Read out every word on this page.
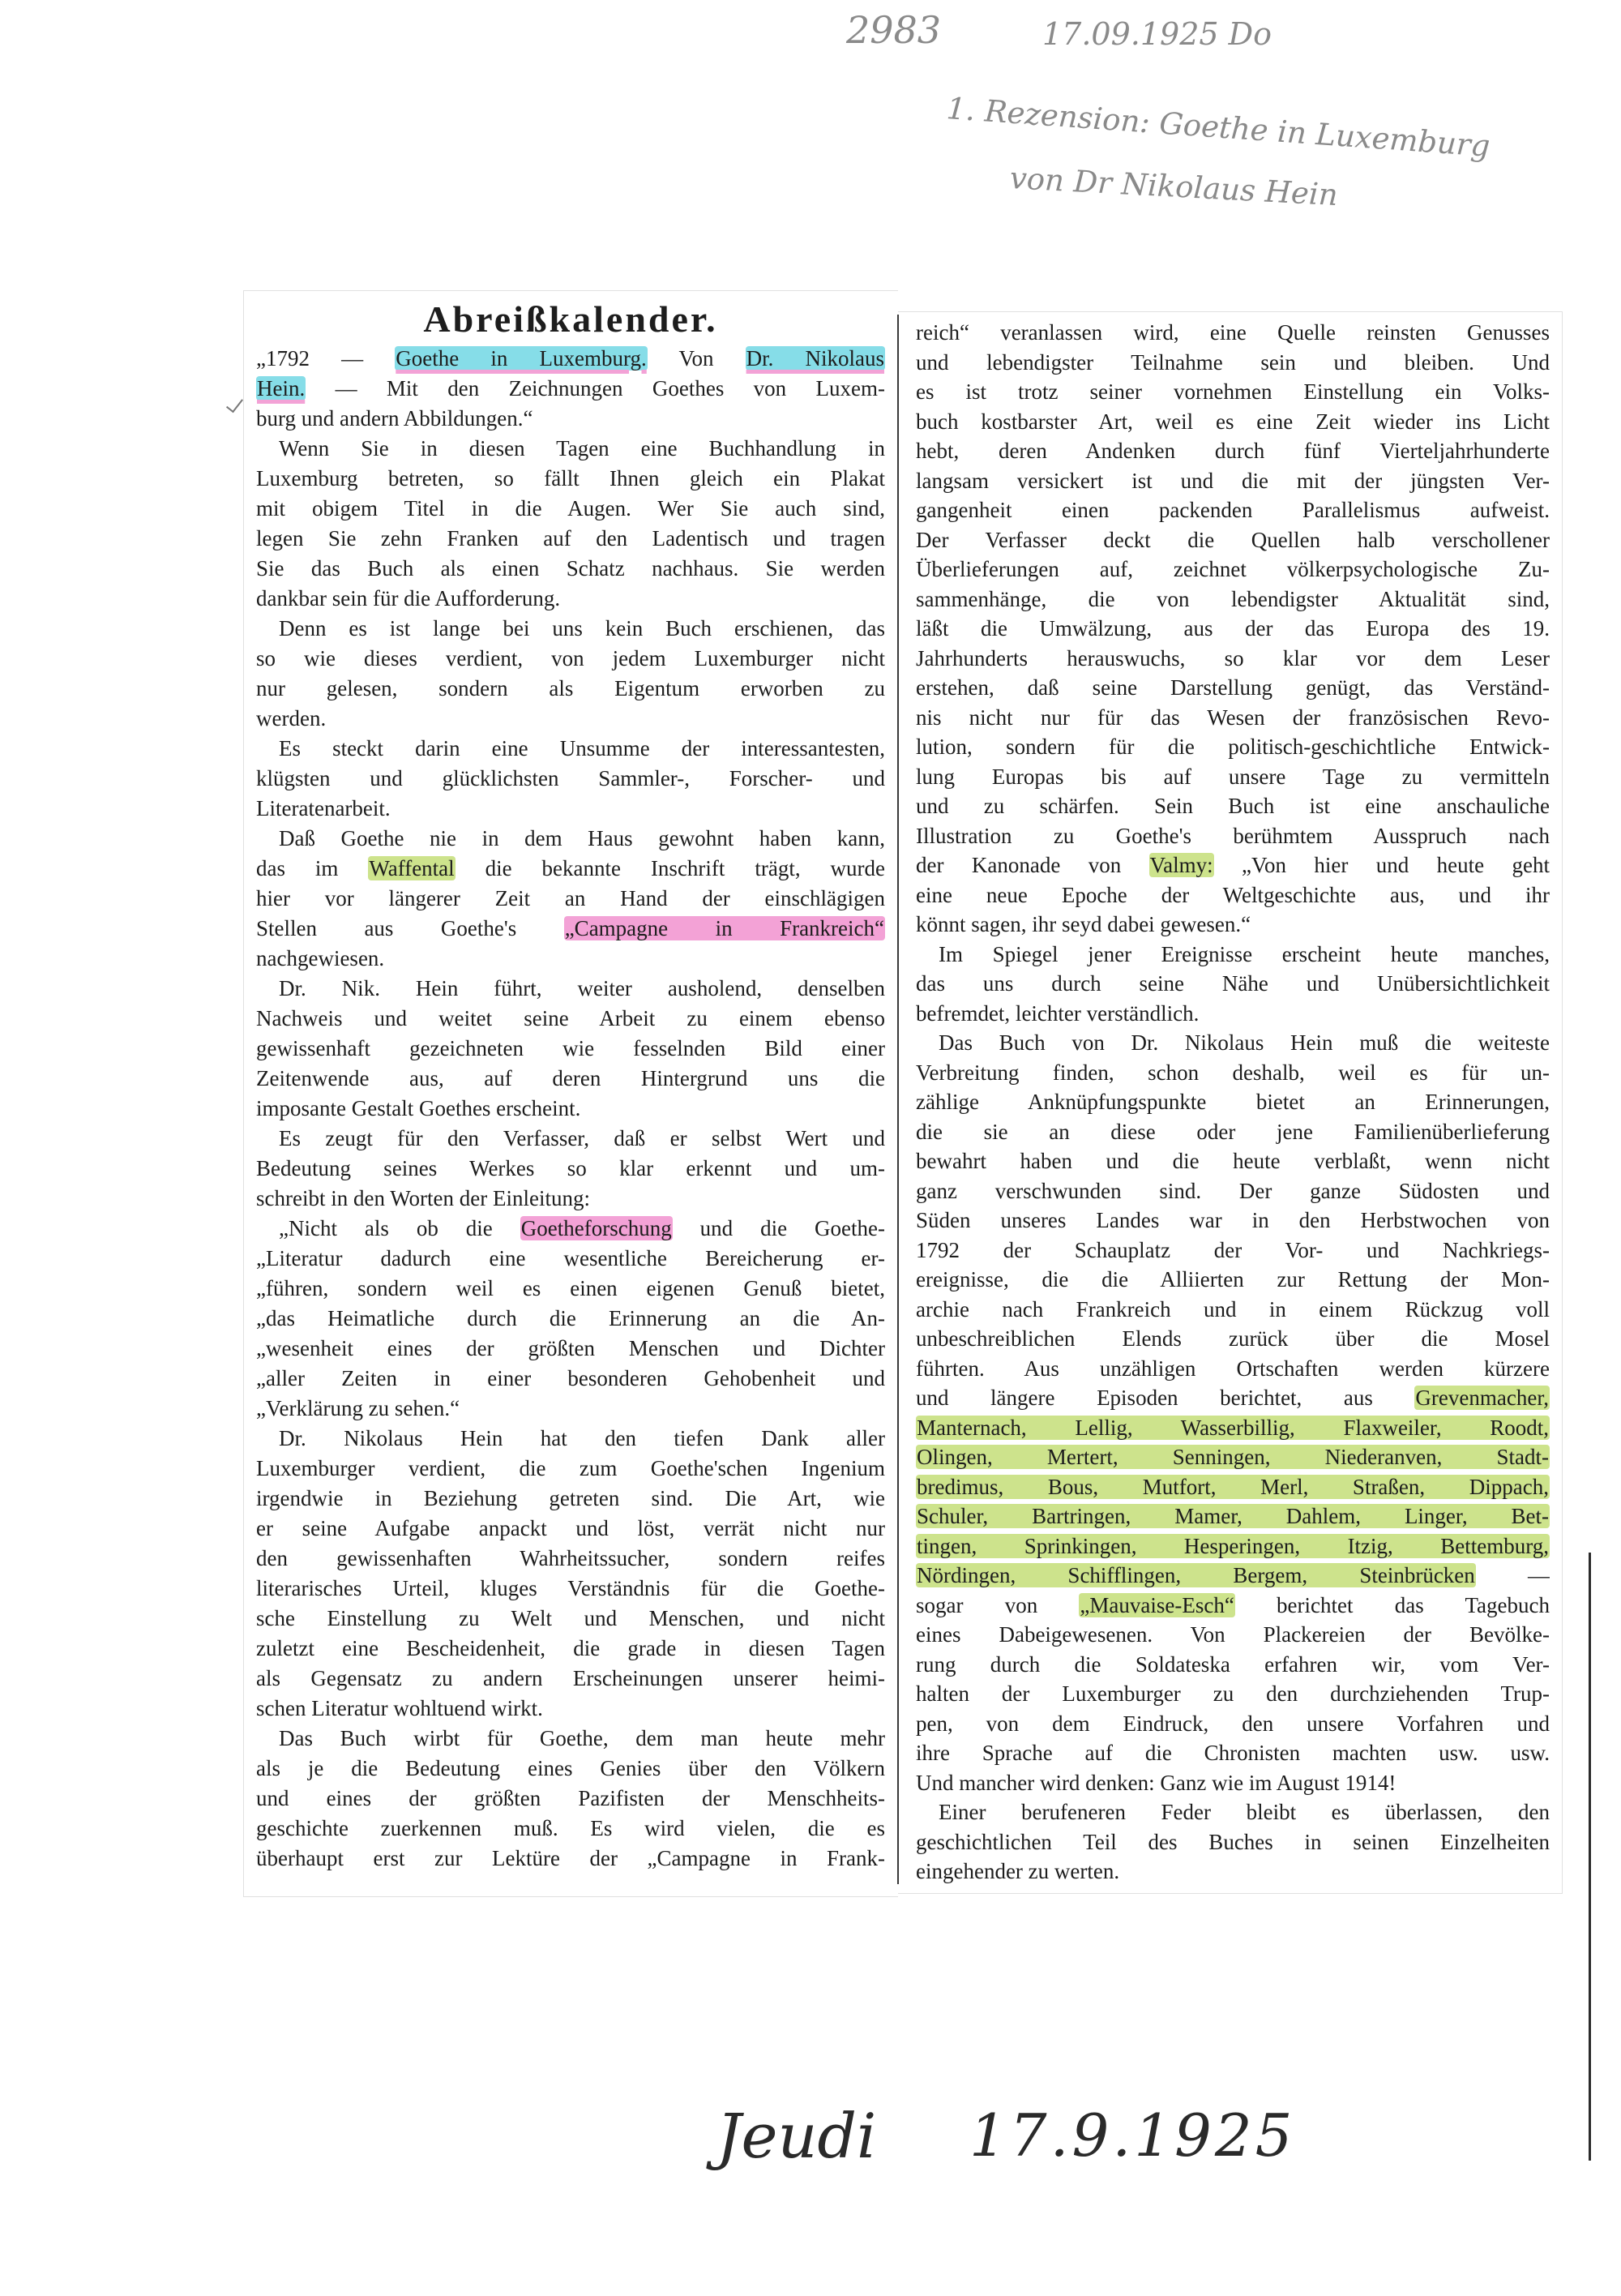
2983	17.09.1925 Do
1. Rezension: Goethe in Luxemburg
von Dr Nikolaus Hein
Abreißkalender.
„1792 — Goethe in Luxemburg. Von Dr. Nikolaus
Hein. — Mit den Zeichnungen Goethes von Luxem-
burg und andern Abbildungen.“
Wenn Sie in diesen Tagen eine Buchhandlung in
Luxemburg betreten, so fällt Ihnen gleich ein Plakat
mit obigem Titel in die Augen. Wer Sie auch sind,
legen Sie zehn Franken auf den Ladentisch und tragen
Sie das Buch als einen Schatz nachhaus. Sie werden
dankbar sein für die Aufforderung.
Denn es ist lange bei uns kein Buch erschienen, das
so wie dieses verdient, von jedem Luxemburger nicht
nur gelesen, sondern als Eigentum erworben zu
werden.
Es steckt darin eine Unsumme der interessantesten,
klügsten und glücklichsten Sammler-, Forscher- und
Literatenarbeit.
Daß Goethe nie in dem Haus gewohnt haben kann,
das im Waffental die bekannte Inschrift trägt, wurde
hier vor längerer Zeit an Hand der einschlägigen
Stellen aus Goethe's „Campagne in Frankreich“
nachgewiesen.
Dr. Nik. Hein führt, weiter ausholend, denselben
Nachweis und weitet seine Arbeit zu einem ebenso
gewissenhaft gezeichneten wie fesselnden Bild einer
Zeitenwende aus, auf deren Hintergrund uns die
imposante Gestalt Goethes erscheint.
Es zeugt für den Verfasser, daß er selbst Wert und
Bedeutung seines Werkes so klar erkennt und um-
schreibt in den Worten der Einleitung:
„Nicht als ob die Goetheforschung und die Goethe-
„Literatur dadurch eine wesentliche Bereicherung er-
„führen, sondern weil es einen eigenen Genuß bietet,
„das Heimatliche durch die Erinnerung an die An-
„wesenheit eines der größten Menschen und Dichter
„aller Zeiten in einer besonderen Gehobenheit und
„Verklärung zu sehen.“
Dr. Nikolaus Hein hat den tiefen Dank aller
Luxemburger verdient, die zum Goethe'schen Ingenium
irgendwie in Beziehung getreten sind. Die Art, wie
er seine Aufgabe anpackt und löst, verrät nicht nur
den gewissenhaften Wahrheitssucher, sondern reifes
literarisches Urteil, kluges Verständnis für die Goethe-
sche Einstellung zu Welt und Menschen, und nicht
zuletzt eine Bescheidenheit, die grade in diesen Tagen
als Gegensatz zu andern Erscheinungen unserer heimi-
schen Literatur wohltuend wirkt.
Das Buch wirbt für Goethe, dem man heute mehr
als je die Bedeutung eines Genies über den Völkern
und eines der größten Pazifisten der Menschheits-
geschichte zuerkennen muß. Es wird vielen, die es
überhaupt erst zur Lektüre der „Campagne in Frank-
reich“ veranlassen wird, eine Quelle reinsten Genusses
und lebendigster Teilnahme sein und bleiben. Und
es ist trotz seiner vornehmen Einstellung ein Volks-
buch kostbarster Art, weil es eine Zeit wieder ins Licht
hebt, deren Andenken durch fünf Vierteljahrhunderte
langsam versickert ist und die mit der jüngsten Ver-
gangenheit einen packenden Parallelismus aufweist.
Der Verfasser deckt die Quellen halb verschollener
Überlieferungen auf, zeichnet völkerpsychologische Zu-
sammenhänge, die von lebendigster Aktualität sind,
läßt die Umwälzung, aus der das Europa des 19.
Jahrhunderts herauswuchs, so klar vor dem Leser
erstehen, daß seine Darstellung genügt, das Verständ-
nis nicht nur für das Wesen der französischen Revo-
lution, sondern für die politisch-geschichtliche Entwick-
lung Europas bis auf unsere Tage zu vermitteln
und zu schärfen. Sein Buch ist eine anschauliche
Illustration zu Goethe's berühmtem Ausspruch nach
der Kanonade von Valmy: „Von hier und heute geht
eine neue Epoche der Weltgeschichte aus, und ihr
könnt sagen, ihr seyd dabei gewesen.“
Im Spiegel jener Ereignisse erscheint heute manches,
das uns durch seine Nähe und Unübersichtlichkeit
befremdet, leichter verständlich.
Das Buch von Dr. Nikolaus Hein muß die weiteste
Verbreitung finden, schon deshalb, weil es für un-
zählige Anknüpfungspunkte bietet an Erinnerungen,
die sie an diese oder jene Familienüberlieferung
bewahrt haben und die heute verblaßt, wenn nicht
ganz verschwunden sind. Der ganze Südosten und
Süden unseres Landes war in den Herbstwochen von
1792 der Schauplatz der Vor- und Nachkriegs-
ereignisse, die die Alliierten zur Rettung der Mon-
archie nach Frankreich und in einem Rückzug voll
unbeschreiblichen Elends zurück über die Mosel
führten. Aus unzähligen Ortschaften werden kürzere
und längere Episoden berichtet, aus Grevenmacher,
Manternach, Lellig, Wasserbillig, Flaxweiler, Roodt,
Olingen, Mertert, Senningen, Niederanven, Stadt-
bredimus, Bous, Mutfort, Merl, Straßen, Dippach,
Schuler, Bartringen, Mamer, Dahlem, Linger, Bet-
tingen, Sprinkingen, Hesperingen, Itzig, Bettemburg,
Nördingen, Schifflingen, Bergem, Steinbrücken —
sogar von „Mauvaise-Esch“ berichtet das Tagebuch
eines Dabeigewesenen. Von Plackereien der Bevölke-
rung durch die Soldateska erfahren wir, vom Ver-
halten der Luxemburger zu den durchziehenden Trup-
pen, von dem Eindruck, den unsere Vorfahren und
ihre Sprache auf die Chronisten machten usw. usw.
Und mancher wird denken: Ganz wie im August 1914!
Einer berufeneren Feder bleibt es überlassen, den
geschichtlichen Teil des Buches in seinen Einzelheiten
eingehender zu werten.
Jeudi 17.9.1925
